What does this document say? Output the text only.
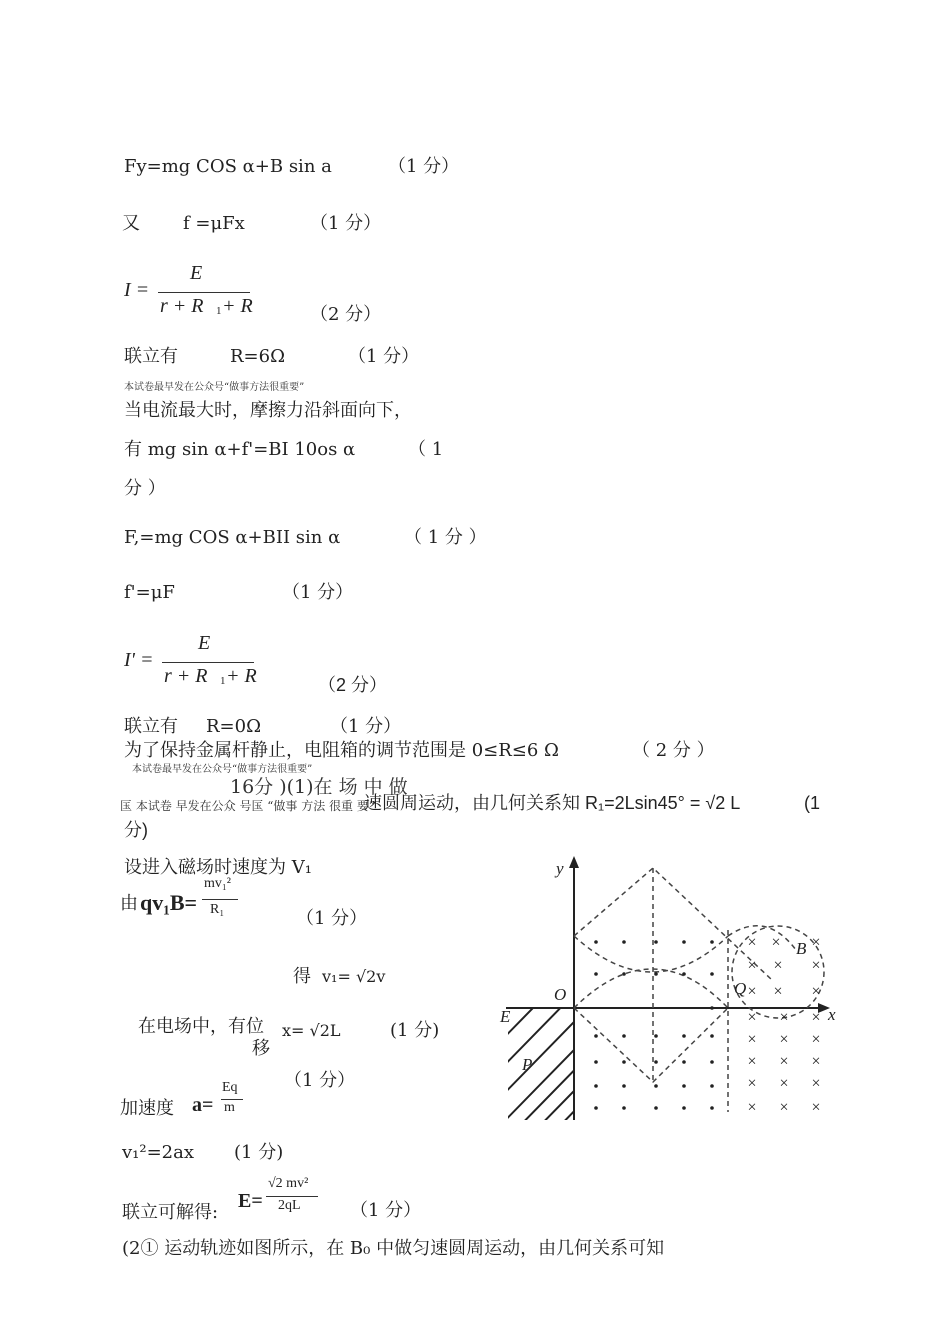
Fy=mg COS α+B sin a	（1 分）
又 f =μFx	（1 分）
I =
E
r + R 1 + R	（2 分）
联立有	R=6Ω	（1 分）
本试卷最早发在公众号“做事方法很重要”
当电流最大时，摩擦力沿斜面向下，
有 mg sin α+f'=BI 10os α	（ 1
分 ）
F,=mg COS α+BII sin α	（ 1 分 ）
f'=μF	（1 分）
I' =
E
r + R 1 + R	（2 分）
联立有 R=0Ω	（1 分）
为了保持金属杆静止，电阻箱的调节范围是 0≤R≤6 Ω	（ 2 分 ）
本试卷最早发在公众号“做事方法很重要”
16分 )(1)在 场 中 做
匤 本试卷 早发在公众 号匤 “做事 方法 很重 要”
速圆周运动，由几何关系知 R₁=2Lsin45° = √2 L	(1
分)
设进入磁场时速度为 V₁
由 qv₁B=
mv₁²
R₁	（1 分）
得 v₁= √2v
在电场中，有位
移
x= √2L	(1 分)
（1 分）
加速度 a=
Eq
m
v₁²=2ax (1 分)
联立可解得:
E=
√2 mv²
2qL	（1 分）
(2① 运动轨迹如图所示，在 B₀ 中做匀速圆周运动，由几何关系可知
× × ×
× × ×
× × ×
× × ×
× × ×
× × ×
× × ×
× × ×
y
x
O	Q
E
P
B
